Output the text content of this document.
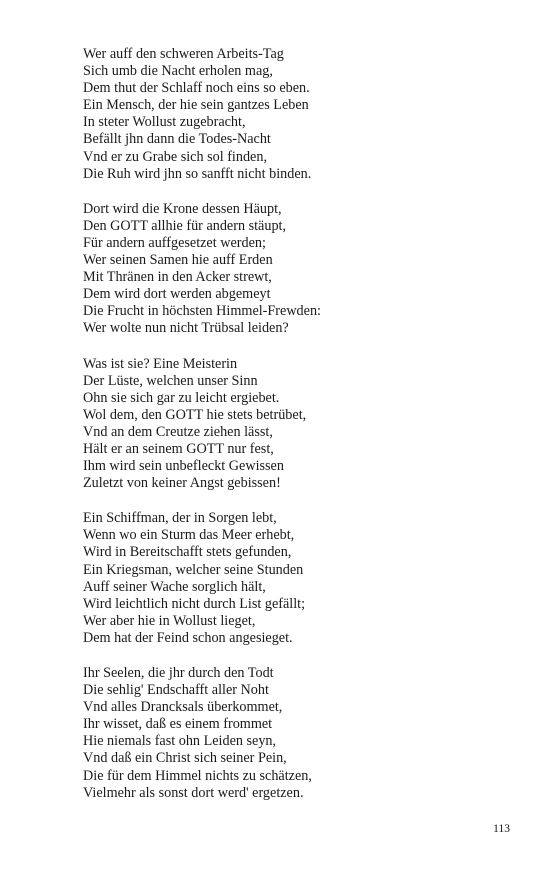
Wer auff den schweren Arbeits-Tag
Sich umb die Nacht erholen mag,
Dem thut der Schlaff noch eins so eben.
Ein Mensch, der hie sein gantzes Leben
In steter Wollust zugebracht,
Befällt jhn dann die Todes-Nacht
Vnd er zu Grabe sich sol finden,
Die Ruh wird jhn so sanfft nicht binden.
Dort wird die Krone dessen Häupt,
Den GOTT allhie für andern stäupt,
Für andern auffgesetzet werden;
Wer seinen Samen hie auff Erden
Mit Thränen in den Acker strewt,
Dem wird dort werden abgemeyt
Die Frucht in höchsten Himmel-Frewden:
Wer wolte nun nicht Trübsal leiden?
Was ist sie? Eine Meisterin
Der Lüste, welchen unser Sinn
Ohn sie sich gar zu leicht ergiebet.
Wol dem, den GOTT hie stets betrübet,
Vnd an dem Creutze ziehen lässt,
Hält er an seinem GOTT nur fest,
Ihm wird sein unbefleckt Gewissen
Zuletzt von keiner Angst gebissen!
Ein Schiffman, der in Sorgen lebt,
Wenn wo ein Sturm das Meer erhebt,
Wird in Bereitschafft stets gefunden,
Ein Kriegsman, welcher seine Stunden
Auff seiner Wache sorglich hält,
Wird leichtlich nicht durch List gefällt;
Wer aber hie in Wollust lieget,
Dem hat der Feind schon angesieget.
Ihr Seelen, die jhr durch den Todt
Die sehlig' Endschafft aller Noht
Vnd alles Drancksals überkommet,
Ihr wisset, daß es einem frommet
Hie niemals fast ohn Leiden seyn,
Vnd daß ein Christ sich seiner Pein,
Die für dem Himmel nichts zu schätzen,
Vielmehr als sonst dort werd' ergetzen.
113
